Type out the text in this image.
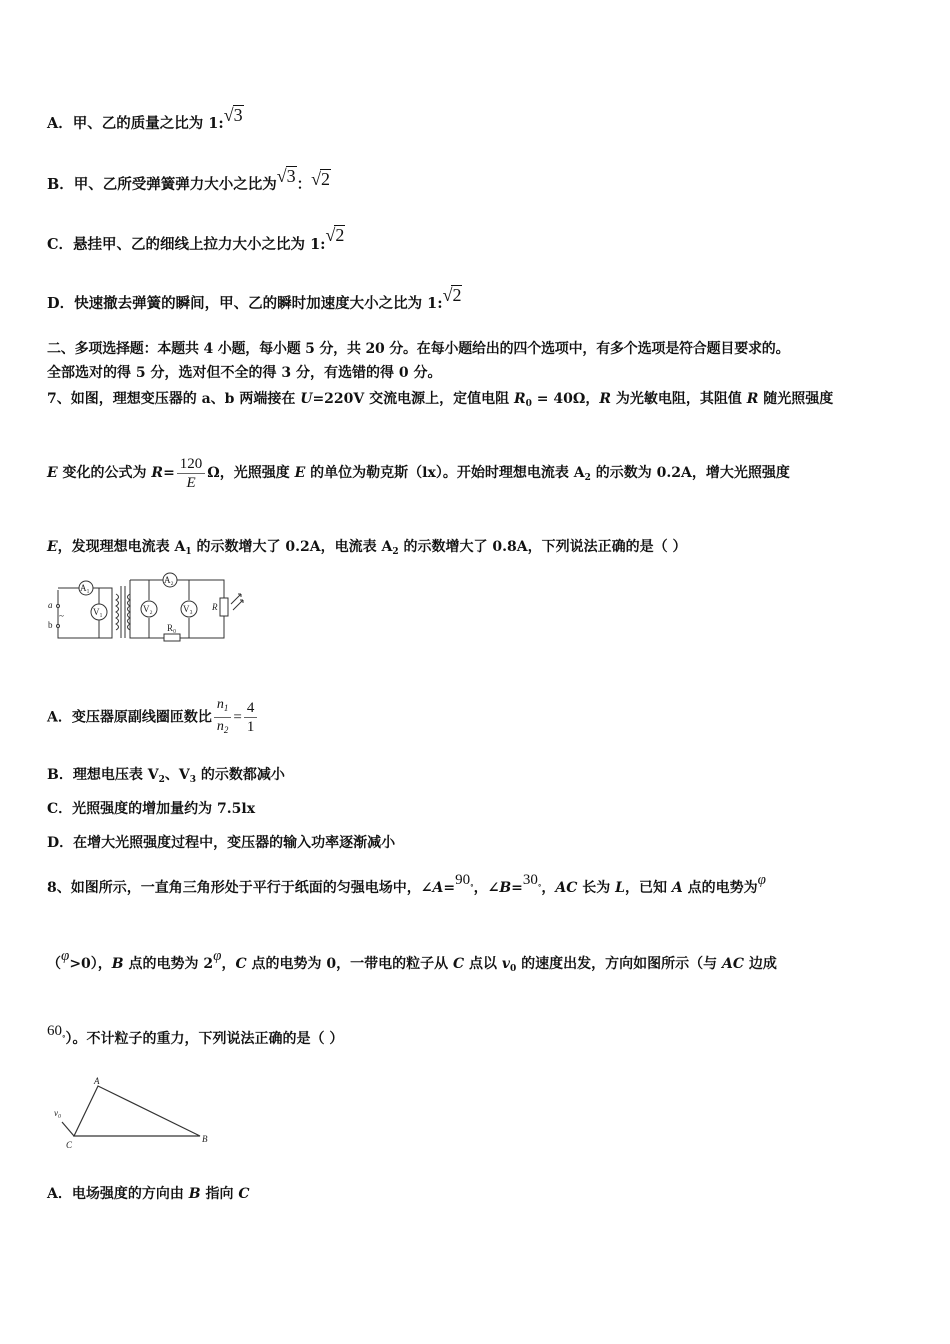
A．甲、乙的质量之比为 1:√3
B．甲、乙所受弹簧弹力大小之比为√3：√2
C．悬挂甲、乙的细线上拉力大小之比为 1:√2
D．快速撤去弹簧的瞬间，甲、乙的瞬时加速度大小之比为 1:√2
二、多项选择题：本题共 4 小题，每小题 5 分，共 20 分。在每小题给出的四个选项中，有多个选项是符合题目要求的。
全部选对的得 5 分，选对但不全的得 3 分，有选错的得 0 分。
7、如图，理想变压器的 a、b 两端接在 U=220V 交流电源上，定值电阻 $R_0 = 40\Omega$，R 为光敏电阻，其阻值 R 随光照强度
E 变化的公式为 $R= \frac{120}{E}$ Ω，光照强度 E 的单位为勒克斯（lx）。开始时理想电流表 $A_2$ 的示数为 0.2A，增大光照强度
E，发现理想电流表 $A_1$ 的示数增大了 0.2A，电流表 $A_2$ 的示数增大了 0.8A，下列说法正确的是（ ）
a
b
~
A₁
V₁
A₂
V₂	V₃ R
R₀
A．变压器原副线圈匝数比 $\frac{n_1}{n_2} = \frac{4}{1}$
B．理想电压表 $V_2$、$V_3$ 的示数都减小
C．光照强度的增加量约为 7.5lx
D．在增大光照强度过程中，变压器的输入功率逐渐减小
8、如图所示，一直角三角形处于平行于纸面的匀强电场中，∠A=90°，∠B=30°，AC 长为 L，已知 A 点的电势为φ
（φ>0），B 点的电势为 2φ，C 点的电势为 0，一带电的粒子从 C 点以 $v_0$ 的速度出发，方向如图所示（与 AC 边成
60°）。不计粒子的重力，下列说法正确的是（ ）
A
B
C
v₀
A．电场强度的方向由 B 指向 C
